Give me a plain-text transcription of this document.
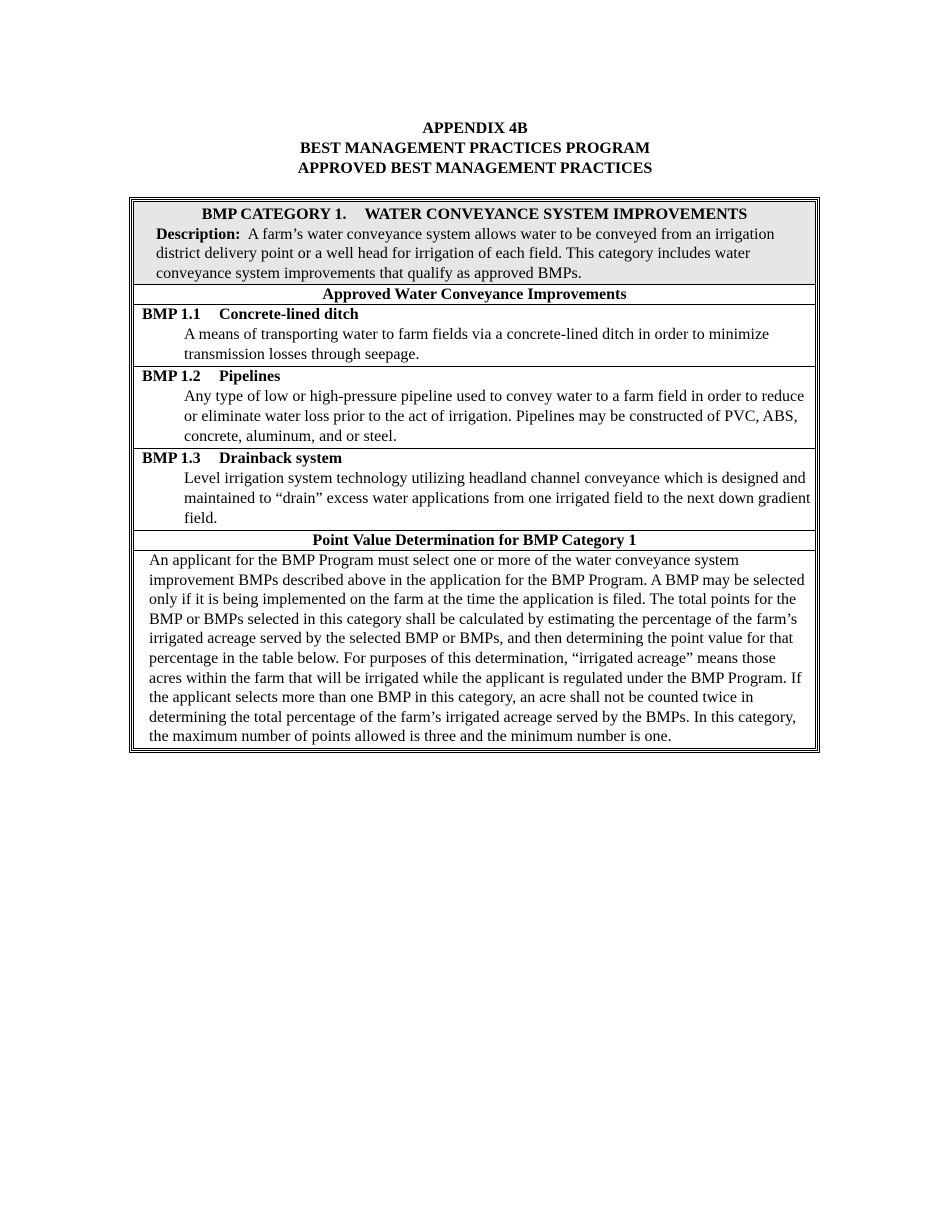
APPENDIX 4B
BEST MANAGEMENT PRACTICES PROGRAM
APPROVED BEST MANAGEMENT PRACTICES
BMP CATEGORY 1. WATER CONVEYANCE SYSTEM IMPROVEMENTS
Description: A farm’s water conveyance system allows water to be conveyed from an irrigation district delivery point or a well head for irrigation of each field. This category includes water conveyance system improvements that qualify as approved BMPs.
Approved Water Conveyance Improvements
BMP 1.1 Concrete-lined ditch
A means of transporting water to farm fields via a concrete-lined ditch in order to minimize transmission losses through seepage.
BMP 1.2 Pipelines
Any type of low or high-pressure pipeline used to convey water to a farm field in order to reduce or eliminate water loss prior to the act of irrigation. Pipelines may be constructed of PVC, ABS, concrete, aluminum, and or steel.
BMP 1.3 Drainback system
Level irrigation system technology utilizing headland channel conveyance which is designed and maintained to “drain” excess water applications from one irrigated field to the next down gradient field.
Point Value Determination for BMP Category 1
An applicant for the BMP Program must select one or more of the water conveyance system improvement BMPs described above in the application for the BMP Program. A BMP may be selected only if it is being implemented on the farm at the time the application is filed. The total points for the BMP or BMPs selected in this category shall be calculated by estimating the percentage of the farm’s irrigated acreage served by the selected BMP or BMPs, and then determining the point value for that percentage in the table below. For purposes of this determination, “irrigated acreage” means those acres within the farm that will be irrigated while the applicant is regulated under the BMP Program. If the applicant selects more than one BMP in this category, an acre shall not be counted twice in determining the total percentage of the farm’s irrigated acreage served by the BMPs. In this category, the maximum number of points allowed is three and the minimum number is one.
